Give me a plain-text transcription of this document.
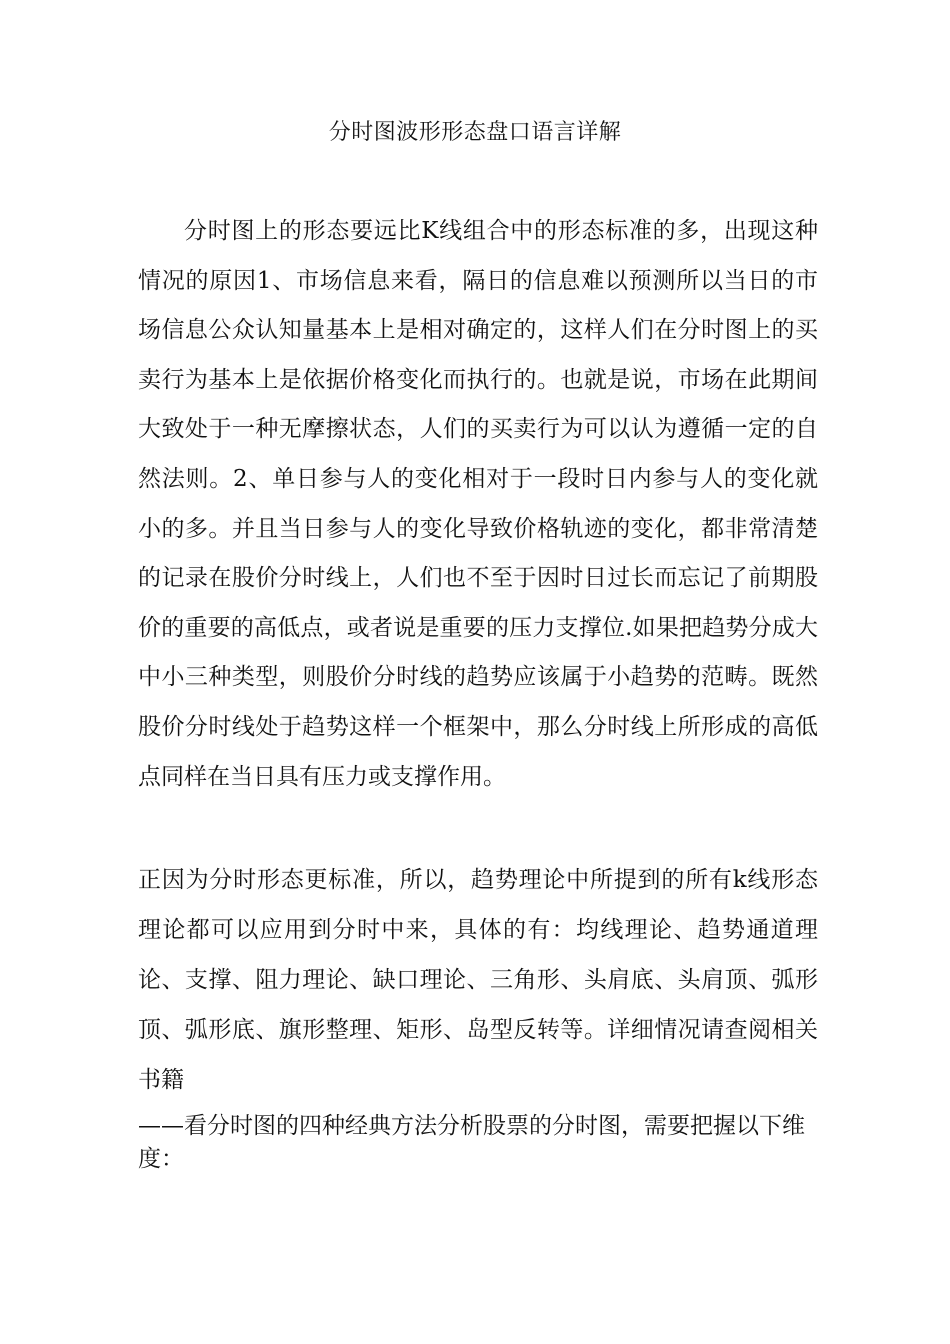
分时图波形形态盘口语言详解

分时图上的形态要远比K线组合中的形态标准的多，出现这种情况的原因1、市场信息来看，隔日的信息难以预测所以当日的市场信息公众认知量基本上是相对确定的，这样人们在分时图上的买卖行为基本上是依据价格变化而执行的。也就是说，市场在此期间大致处于一种无摩擦状态，人们的买卖行为可以认为遵循一定的自然法则。2、单日参与人的变化相对于一段时日内参与人的变化就小的多。并且当日参与人的变化导致价格轨迹的变化，都非常清楚的记录在股价分时线上，人们也不至于因时日过长而忘记了前期股价的重要的高低点，或者说是重要的压力支撑位.如果把趋势分成大中小三种类型，则股价分时线的趋势应该属于小趋势的范畴。既然股价分时线处于趋势这样一个框架中，那么分时线上所形成的高低点同样在当日具有压力或支撑作用。

正因为分时形态更标准，所以，趋势理论中所提到的所有k线形态理论都可以应用到分时中来，具体的有：均线理论、趋势通道理论、支撑、阻力理论、缺口理论、三角形、头肩底、头肩顶、弧形顶、弧形底、旗形整理、矩形、岛型反转等。详细情况请查阅相关书籍

——看分时图的四种经典方法分析股票的分时图，需要把握以下维度：
